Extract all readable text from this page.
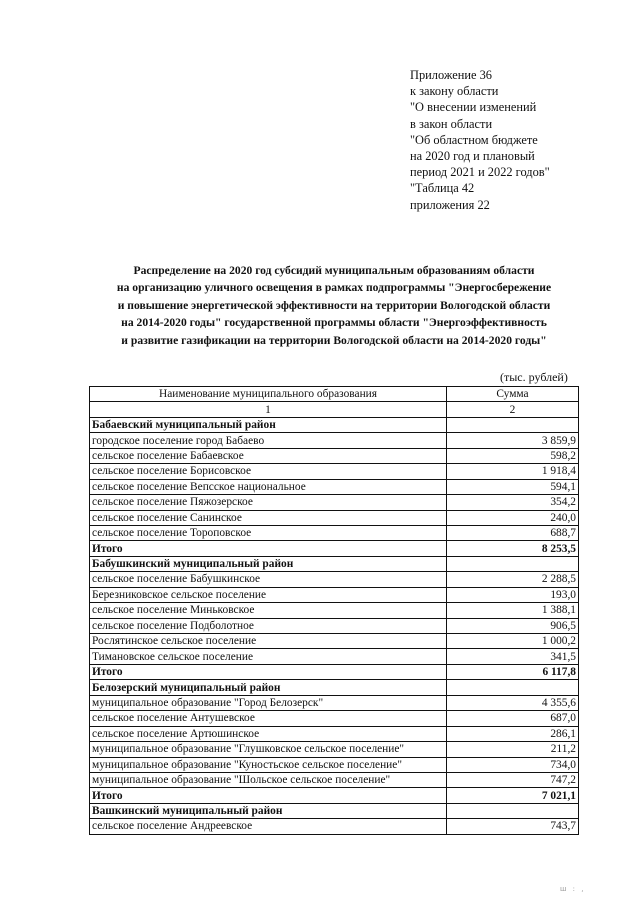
Приложение 36
к закону области
"О внесении изменений
в закон области
"Об областном бюджете
на 2020 год и плановый
период 2021 и 2022 годов"
"Таблица 42
приложения 22
Распределение на 2020 год субсидий муниципальным образованиям области
на организацию уличного освещения в рамках подпрограммы "Энергосбережение
и повышение энергетической эффективности на территории Вологодской области
на 2014-2020 годы" государственной программы области "Энергоэффективность
и развитие газификации на территории Вологодской области на 2014-2020 годы"
(тыс. рублей)
Наименование муниципального образования	Сумма
1	2
Бабаевский муниципальный район	
городское поселение город Бабаево	3 859,9
сельское поселение Бабаевское	598,2
сельское поселение Борисовское	1 918,4
сельское поселение Вепсское национальное	594,1
сельское поселение Пяжозерское	354,2
сельское поселение Санинское	240,0
сельское поселение Тороповское	688,7
Итого	8 253,5
Бабушкинский муниципальный район	
сельское поселение Бабушкинское	2 288,5
Березниковское сельское поселение	193,0
сельское поселение Миньковское	1 388,1
сельское поселение Подболотное	906,5
Рослятинское сельское поселение	1 000,2
Тимановское сельское поселение	341,5
Итого	6 117,8
Белозерский муниципальный район	
муниципальное образование "Город Белозерск"	4 355,6
сельское поселение Антушевское	687,0
сельское поселение Артюшинское	286,1
муниципальное образование "Глушковское сельское поселение"	211,2
муниципальное образование "Куностьское сельское поселение"	734,0
муниципальное образование "Шольское сельское поселение"	747,2
Итого	7 021,1
Вашкинский муниципальный район	
сельское поселение Андреевское	743,7
ш : ,
